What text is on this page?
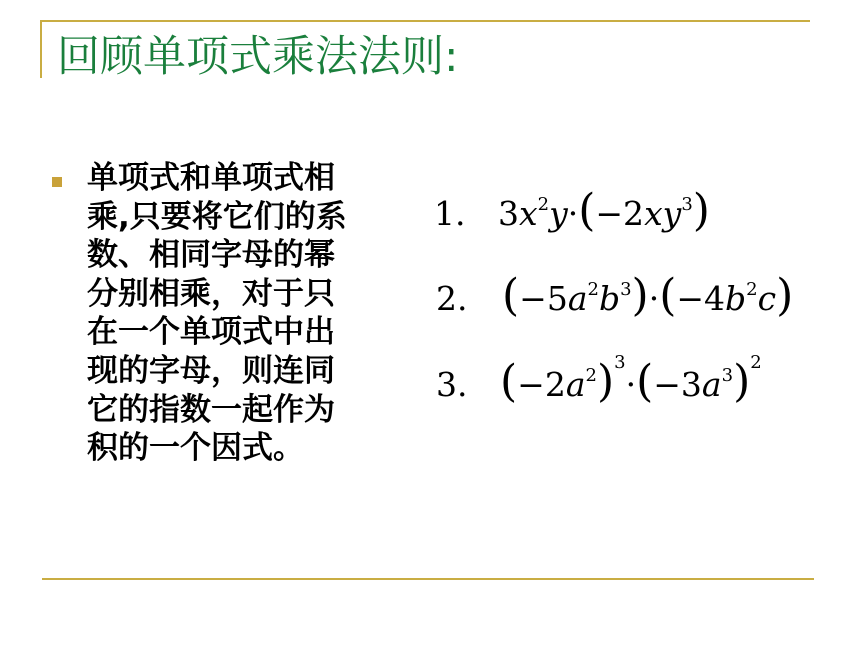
回顾单项式乘法法则:
单项式和单项式相
乘,只要将它们的系
数、相同字母的幂
分别相乘，对于只
在一个单项式中出
现的字母，则连同
它的指数一起作为
积的一个因式。
1. $3x^2y\cdot(-2xy^3)$
2. $(-5a^2b^3)\cdot(-4b^2c)$
3. $(-2a^2)^3\cdot(-3a^3)^2$
